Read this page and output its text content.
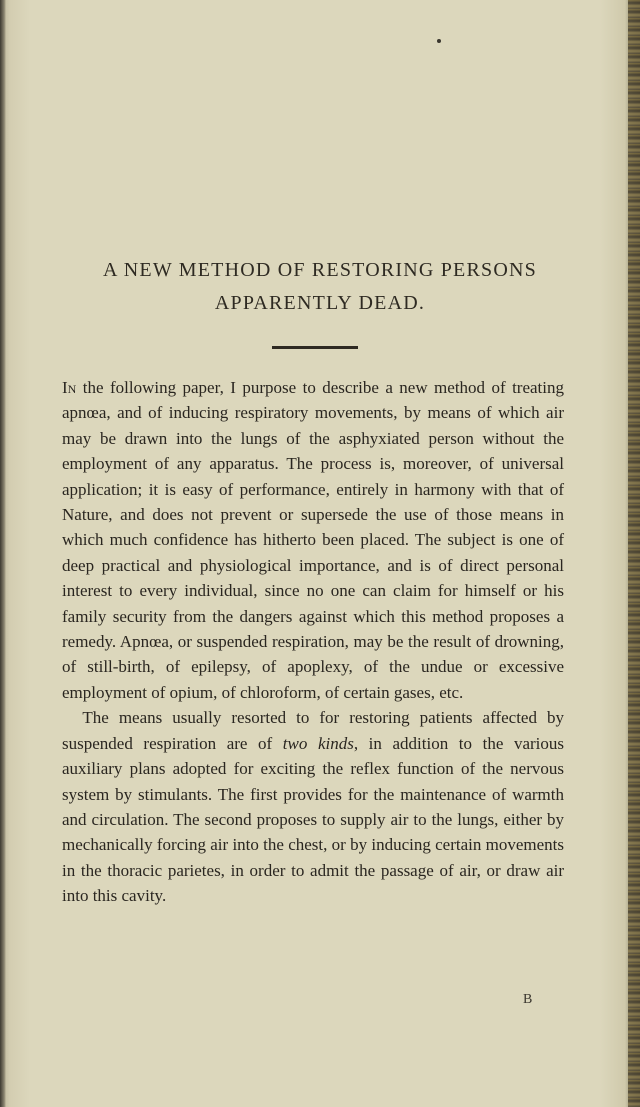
A NEW METHOD OF RESTORING PERSONS
APPARENTLY DEAD.

In the following paper, I purpose to describe a new method of treating apnœa, and of inducing respiratory movements, by means of which air may be drawn into the lungs of the asphyxiated person without the employment of any apparatus. The process is, moreover, of universal application; it is easy of performance, entirely in harmony with that of Nature, and does not prevent or supersede the use of those means in which much confidence has hitherto been placed. The subject is one of deep practical and physiological importance, and is of direct personal interest to every individual, since no one can claim for himself or his family security from the dangers against which this method proposes a remedy. Apnœa, or suspended respiration, may be the result of drowning, of still-birth, of epilepsy, of apoplexy, of the undue or excessive employment of opium, of chloroform, of certain gases, etc.

The means usually resorted to for restoring patients affected by suspended respiration are of two kinds, in addition to the various auxiliary plans adopted for exciting the reflex function of the nervous system by stimulants. The first provides for the maintenance of warmth and circulation. The second proposes to supply air to the lungs, either by mechanically forcing air into the chest, or by inducing certain movements in the thoracic parietes, in order to admit the passage of air, or draw air into this cavity.

B
